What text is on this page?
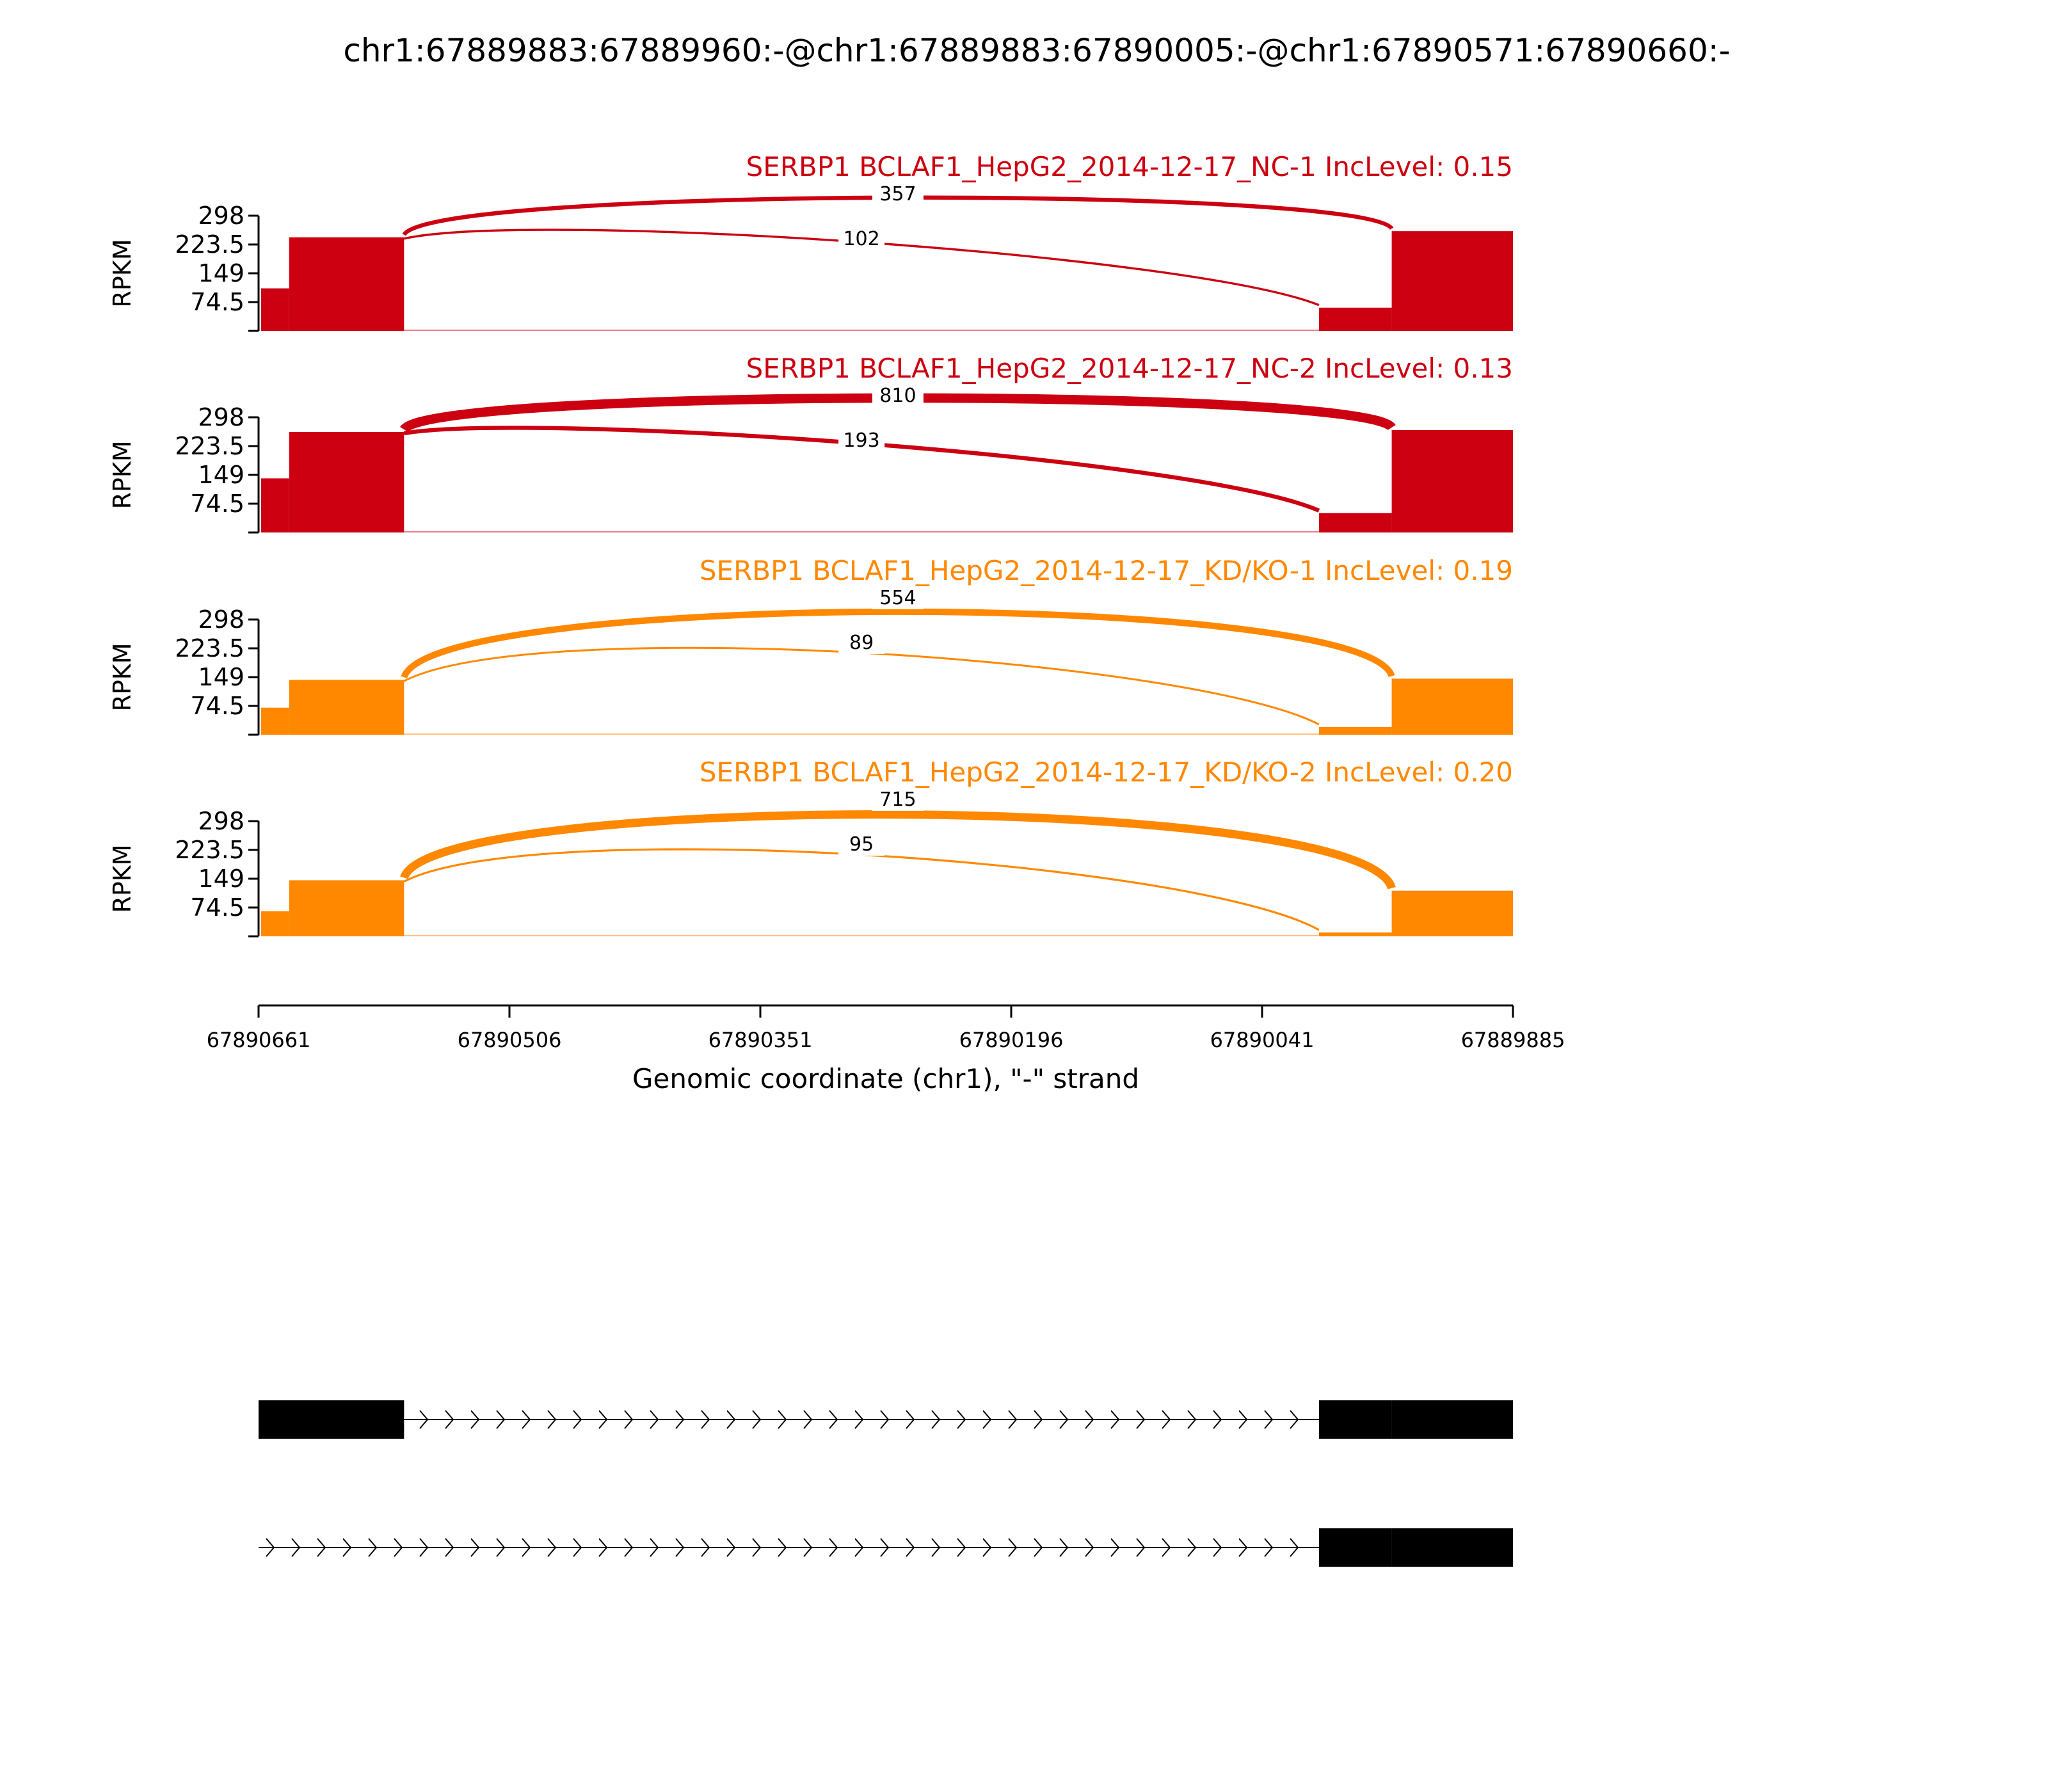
chr1:67889883:67889960:-@chr1:67889883:67890005:-@chr1:67890571:67890660:-
298
223.5
149
74.5
RPKM
357
102
SERBP1 BCLAF1_HepG2_2014-12-17_NC-1 IncLevel: 0.15
298
223.5
149
74.5
RPKM
810
193
SERBP1 BCLAF1_HepG2_2014-12-17_NC-2 IncLevel: 0.13
298
223.5
149
74.5
RPKM
554
89
SERBP1 BCLAF1_HepG2_2014-12-17_KD/KO-1 IncLevel: 0.19
298
223.5
149
74.5
RPKM
715
95
SERBP1 BCLAF1_HepG2_2014-12-17_KD/KO-2 IncLevel: 0.20
67890661	67890506	67890351	67890196	67890041	67889885
Genomic coordinate (chr1), "-" strand
